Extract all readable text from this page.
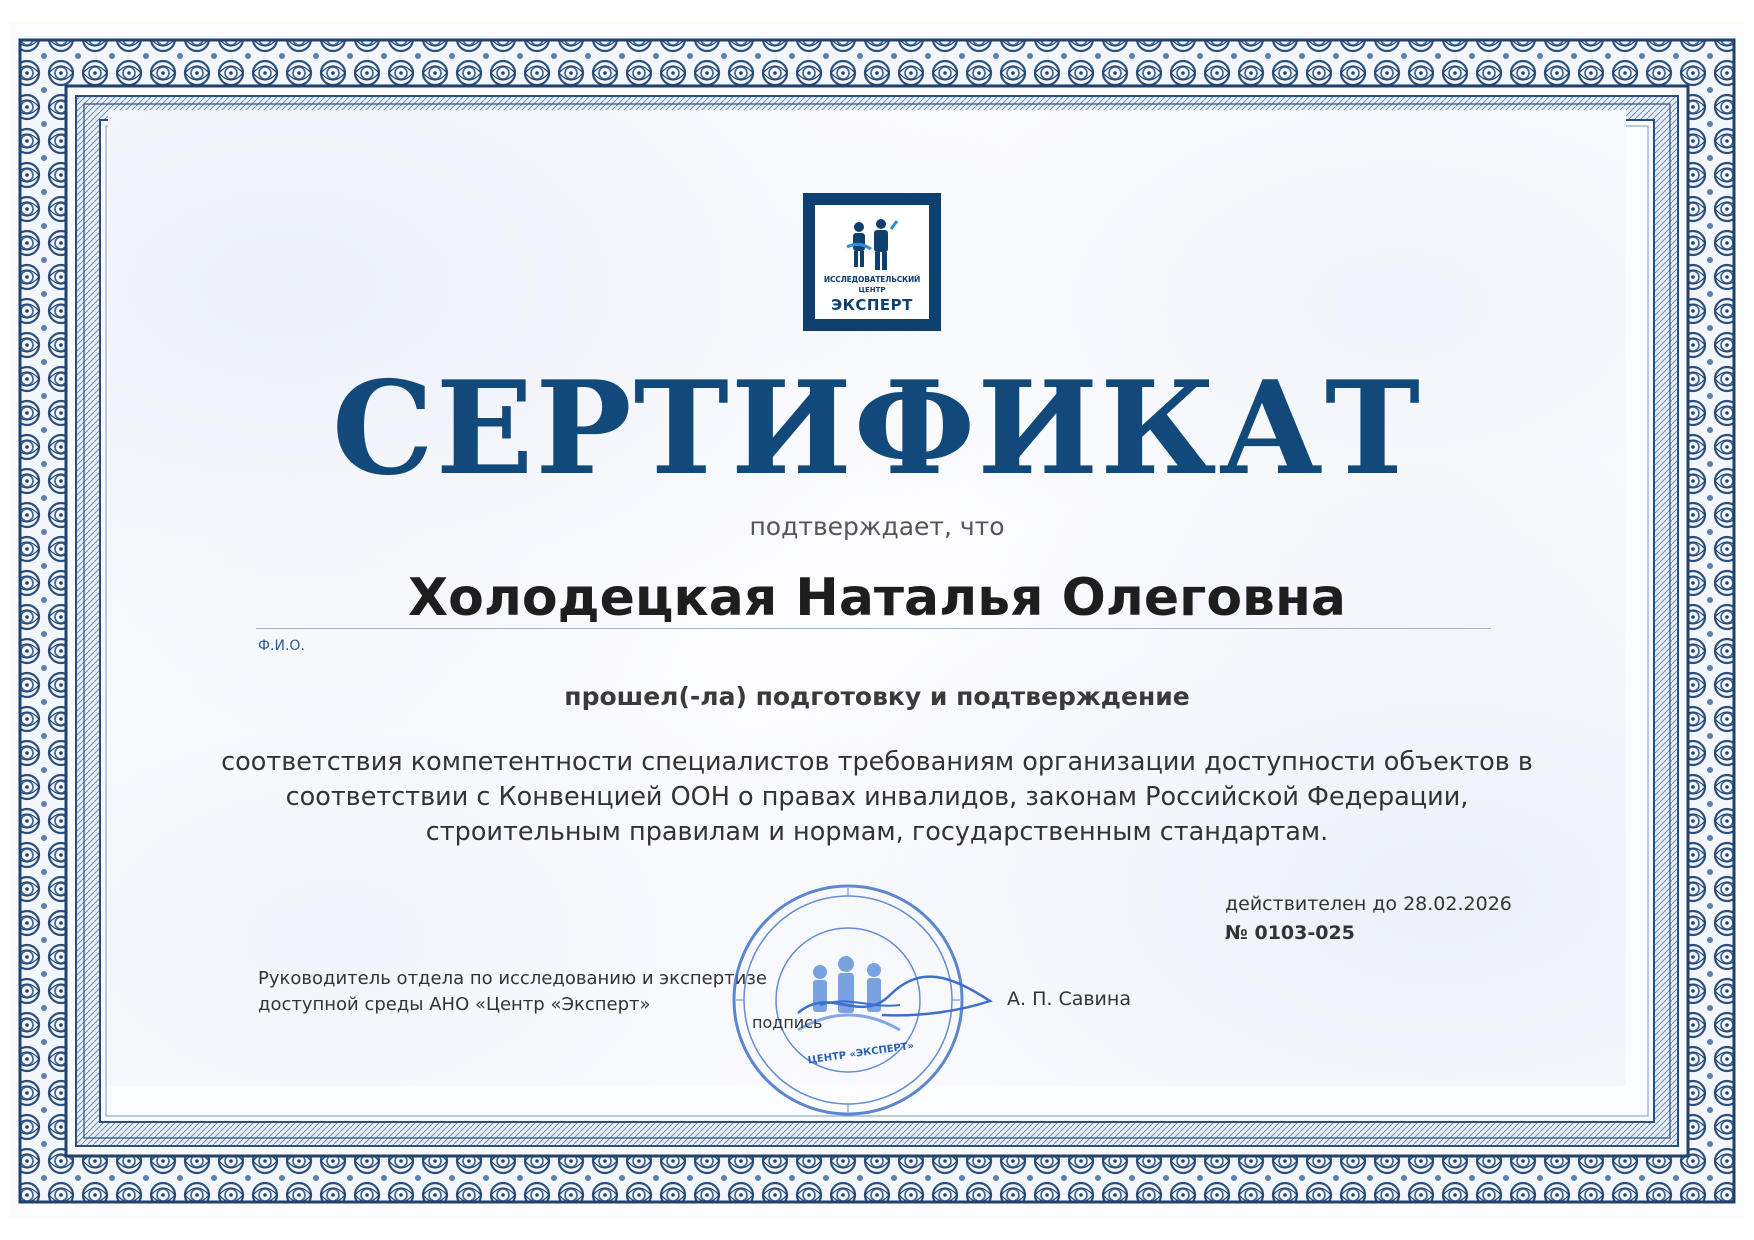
ИССЛЕДОВАТЕЛЬСКИЙ
ЦЕНТР
ЭКСПЕРТ
СЕРТИФИКАТ
подтверждает, что
Холодецкая Наталья Олеговна
Ф.И.О.
прошел(-ла) подготовку и подтверждение
соответствия компетентности специалистов требованиям организации доступности объектов в соответствии с Конвенцией ООН о правах инвалидов, законам Российской Федерации, строительным правилам и нормам, государственным стандартам.
действителен до 28.02.2026
№ 0103-025
Руководитель отдела по исследованию и экспертизе
доступной среды АНО «Центр «Эксперт»
ЦЕНТР «ЭКСПЕРТ»
подпись
А. П. Савина
